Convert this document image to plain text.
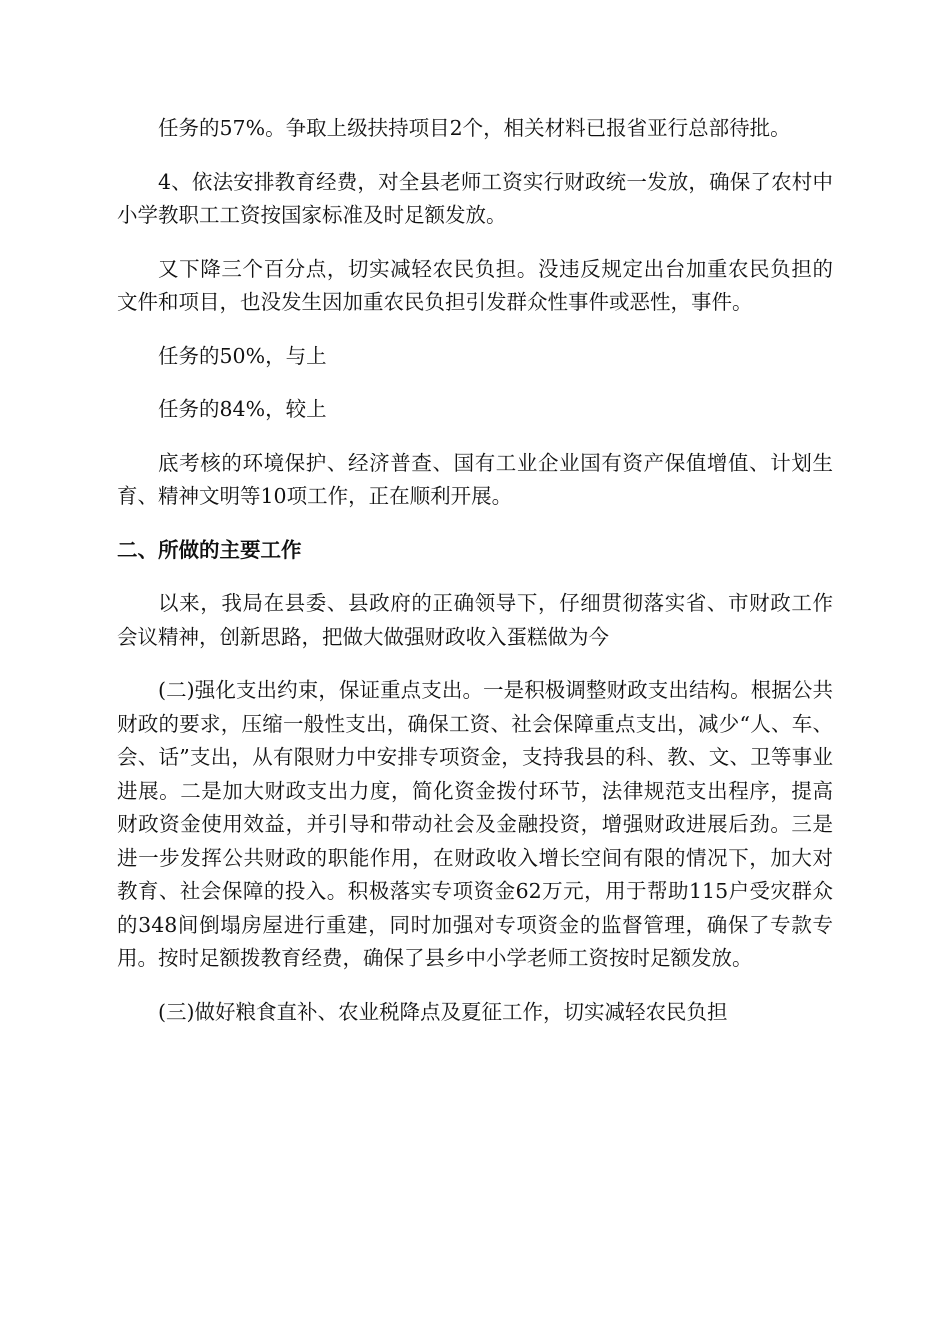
任务的57%。争取上级扶持项目2个，相关材料已报省亚行总部待批。

4、依法安排教育经费，对全县老师工资实行财政统一发放，确保了农村中小学教职工工资按国家标准及时足额发放。

又下降三个百分点，切实减轻农民负担。没违反规定出台加重农民负担的文件和项目，也没发生因加重农民负担引发群众性事件或恶性，事件。

任务的50%，与上

任务的84%，较上

底考核的环境保护、经济普查、国有工业企业国有资产保值增值、计划生育、精神文明等10项工作，正在顺利开展。

二、所做的主要工作

以来，我局在县委、县政府的正确领导下，仔细贯彻落实省、市财政工作会议精神，创新思路，把做大做强财政收入蛋糕做为今

(二)强化支出约束，保证重点支出。一是积极调整财政支出结构。根据公共财政的要求，压缩一般性支出，确保工资、社会保障重点支出，减少“人、车、会、话”支出，从有限财力中安排专项资金，支持我县的科、教、文、卫等事业进展。二是加大财政支出力度，简化资金拨付环节，法律规范支出程序，提高财政资金使用效益，并引导和带动社会及金融投资，增强财政进展后劲。三是进一步发挥公共财政的职能作用，在财政收入增长空间有限的情况下，加大对教育、社会保障的投入。积极落实专项资金62万元，用于帮助115户受灾群众的348间倒塌房屋进行重建，同时加强对专项资金的监督管理，确保了专款专用。按时足额拨教育经费，确保了县乡中小学老师工资按时足额发放。

(三)做好粮食直补、农业税降点及夏征工作，切实减轻农民负担
